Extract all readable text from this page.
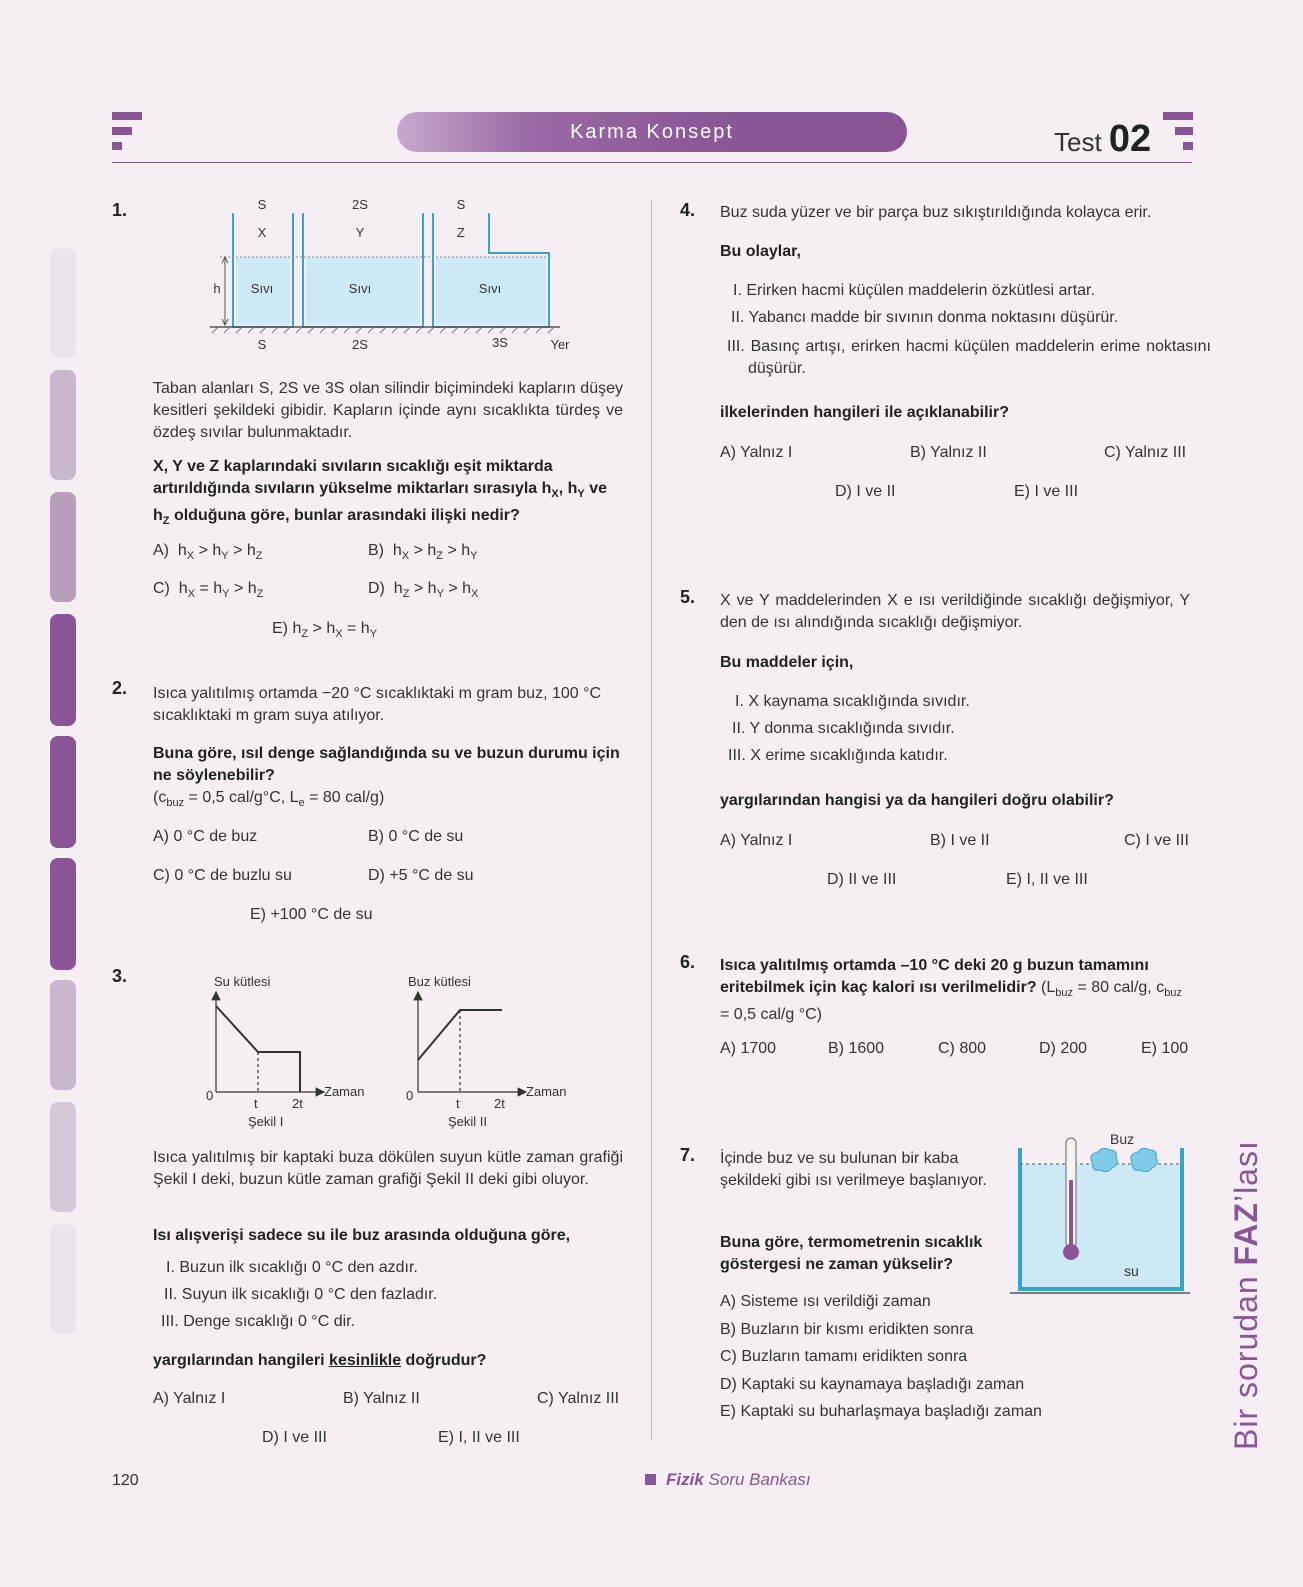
Karma Konsept	Test 02
1.	S	2S	S
X	Y	Z
Sıvı	Sıvı	Sıvı
h
S	2S	3S	Yer
Taban alanları S, 2S ve 3S olan silindir biçimindeki kapların düşey kesitleri şekildeki gibidir. Kapların içinde aynı sıcaklıkta türdeş ve özdeş sıvılar bulunmaktadır.
X, Y ve Z kaplarındaki sıvıların sıcaklığı eşit miktarda artırıldığında sıvıların yükselme miktarları sırasıyla $h_X$, $h_Y$ ve $h_Z$ olduğuna göre, bunlar arasındaki ilişki nedir?
A)  $h_X > h_Y > h_Z$	B)  $h_X > h_Z > h_Y$
C)  $h_X = h_Y > h_Z$	D)  $h_Z > h_Y > h_X$
E) $h_Z > h_X = h_Y$
2. Isıca yalıtılmış ortamda −20 °C sıcaklıktaki m gram buz, 100 °C sıcaklıktaki m gram suya atılıyor.
Buna göre, ısıl denge sağlandığında su ve buzun durumu için ne söylenebilir?
($c_{buz} = 0,5$ cal/g°C, $L_e = 80$ cal/g)
A) 0 °C de buz	B) 0 °C de su
C) 0 °C de buzlu su	D) +5 °C de su
E) +100 °C de su
3.	Su kütlesi
Zaman
0
t	2t
Şekil I
Buz kütlesi
Zaman
0
t	2t
Şekil II
Isıca yalıtılmış bir kaptaki buza dökülen suyun kütle zaman grafiği Şekil I deki, buzun kütle zaman grafiği Şekil II deki gibi oluyor.
Isı alışverişi sadece su ile buz arasında olduğuna göre,
I. Buzun ilk sıcaklığı 0 °C den azdır.
II. Suyun ilk sıcaklığı 0 °C den fazladır.
III. Denge sıcaklığı 0 °C dir.
yargılarından hangileri kesinlikle doğrudur?
A) Yalnız I	B) Yalnız II	C) Yalnız III
D) I ve III	E) I, II ve III
4. Buz suda yüzer ve bir parça buz sıkıştırıldığında kolayca erir.
Bu olaylar,
I. Erirken hacmi küçülen maddelerin özkütlesi artar.
II. Yabancı madde bir sıvının donma noktasını düşürür.
III. Basınç artışı, erirken hacmi küçülen maddelerin erime noktasını düşürür.
ilkelerinden hangileri ile açıklanabilir?
A) Yalnız I	B) Yalnız II	C) Yalnız III
D) I ve II	E) I ve III
5. X ve Y maddelerinden X e ısı verildiğinde sıcaklığı değişmiyor, Y den de ısı alındığında sıcaklığı değişmiyor.
Bu maddeler için,
I. X kaynama sıcaklığında sıvıdır.
II. Y donma sıcaklığında sıvıdır.
III. X erime sıcaklığında katıdır.
yargılarından hangisi ya da hangileri doğru olabilir?
A) Yalnız I	B) I ve II	C) I ve III
D) II ve III	E) I, II ve III
6. Isıca yalıtılmış ortamda –10 °C deki 20 g buzun tamamını eritebilmek için kaç kalori ısı verilmelidir? ($L_{buz} = 80$ cal/g, $c_{buz} = 0,5$ cal/g °C)
A) 1700	B) 1600	C) 800	D) 200	E) 100
7. İçinde buz ve su bulunan bir kaba şekildeki gibi ısı verilmeye başlanıyor.
Buna göre, termometrenin sıcaklık göstergesi ne zaman yükselir?
Buz
su
A) Sisteme ısı verildiği zaman
B) Buzların bir kısmı eridikten sonra
C) Buzların tamamı eridikten sonra
D) Kaptaki su kaynamaya başladığı zaman
E) Kaptaki su buharlaşmaya başladığı zaman	Bir sorudan FAZ’lası
120	Fizik Soru Bankası
